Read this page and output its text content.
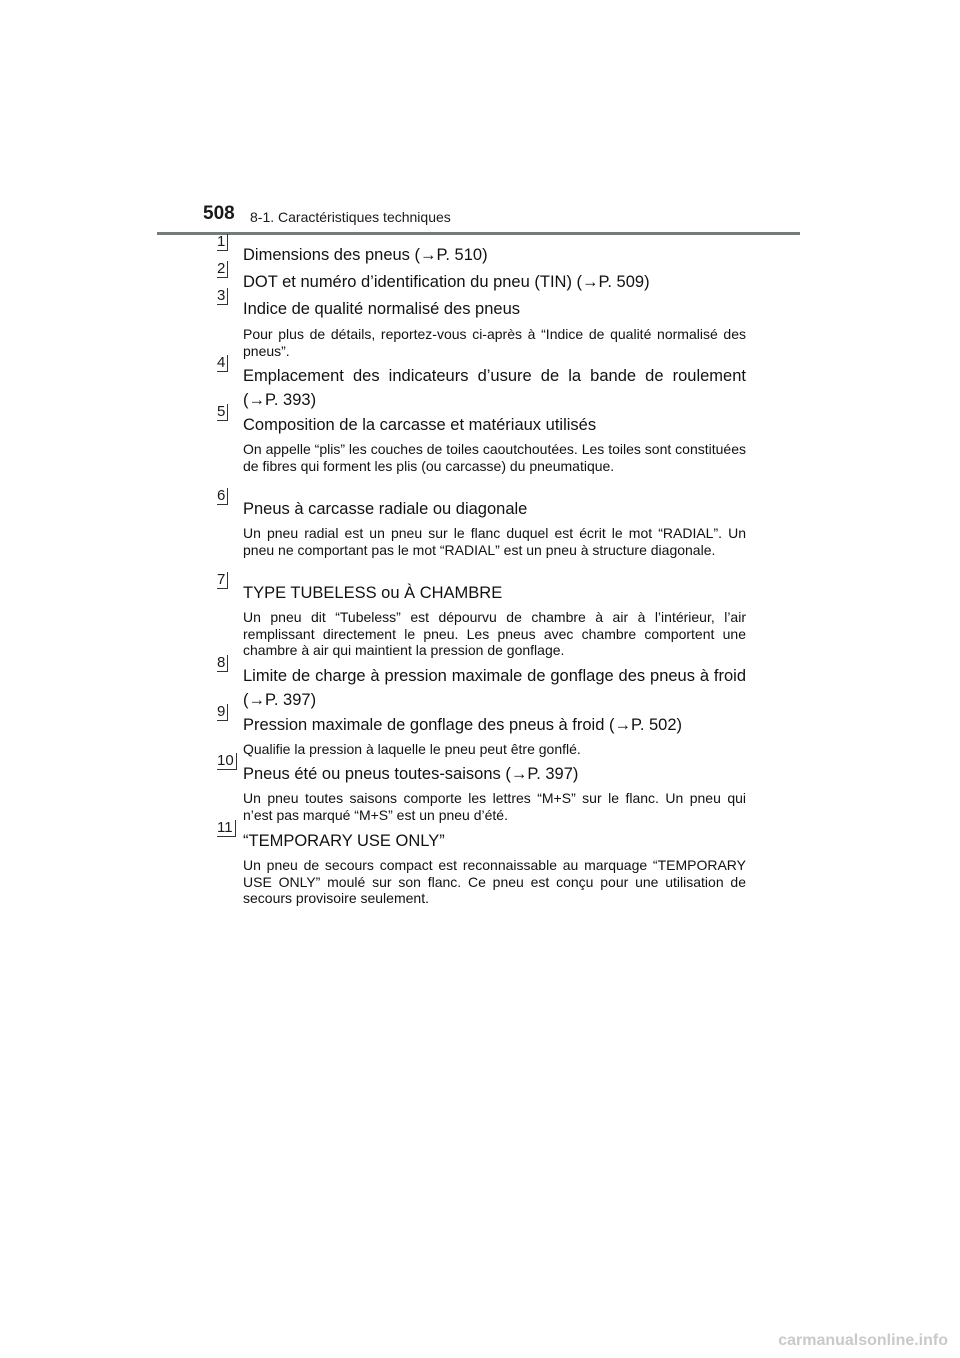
508 8-1. Caractéristiques techniques
1
Dimensions des pneus (→P. 510)
2
DOT et numéro d’identification du pneu (TIN) (→P. 509)
3
Indice de qualité normalisé des pneus
Pour plus de détails, reportez-vous ci-après à “Indice de qualité normalisé des pneus”.
4
Emplacement des indicateurs d’usure de la bande de roulement (→P. 393)
5
Composition de la carcasse et matériaux utilisés
On appelle “plis” les couches de toiles caoutchoutées. Les toiles sont constituées de fibres qui forment les plis (ou carcasse) du pneumatique.
6
Pneus à carcasse radiale ou diagonale
Un pneu radial est un pneu sur le flanc duquel est écrit le mot “RADIAL”. Un pneu ne comportant pas le mot “RADIAL” est un pneu à structure diagonale.
7
TYPE TUBELESS ou À CHAMBRE
Un pneu dit “Tubeless” est dépourvu de chambre à air à l’intérieur, l’air remplissant directement le pneu. Les pneus avec chambre comportent une chambre à air qui maintient la pression de gonflage.
8
Limite de charge à pression maximale de gonflage des pneus à froid (→P. 397)
9
Pression maximale de gonflage des pneus à froid (→P. 502)
Qualifie la pression à laquelle le pneu peut être gonflé.
10
Pneus été ou pneus toutes-saisons (→P. 397)
Un pneu toutes saisons comporte les lettres “M+S” sur le flanc. Un pneu qui n’est pas marqué “M+S” est un pneu d’été.
11
“TEMPORARY USE ONLY”
Un pneu de secours compact est reconnaissable au marquage “TEMPORARY USE ONLY” moulé sur son flanc. Ce pneu est conçu pour une utilisation de secours provisoire seulement.
carmanualsonline.info
